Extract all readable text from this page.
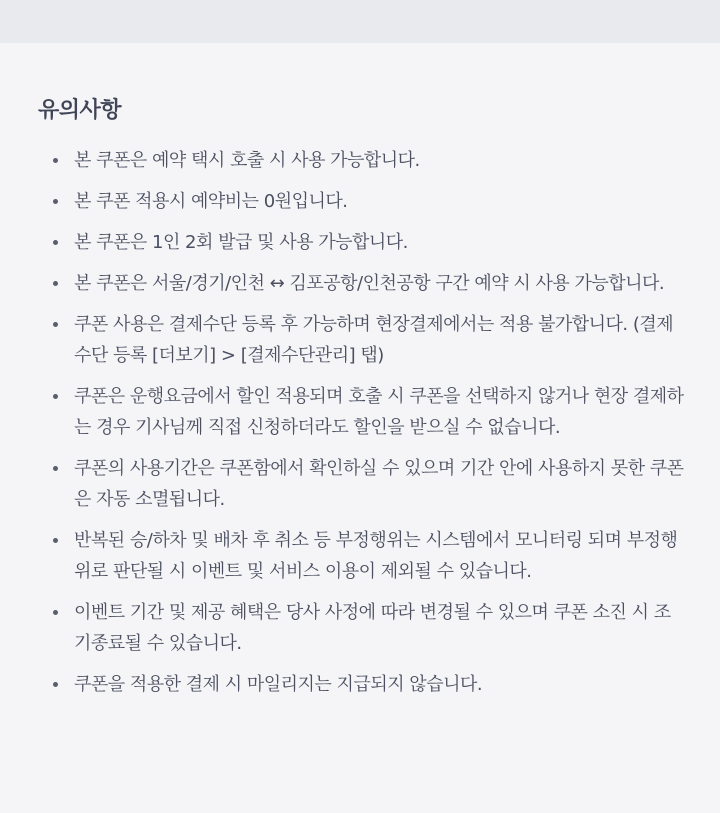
유의사항
본 쿠폰은 예약 택시 호출 시 사용 가능합니다.
본 쿠폰 적용시 예약비는 0원입니다.
본 쿠폰은 1인 2회 발급 및 사용 가능합니다.
본 쿠폰은 서울/경기/인천 ↔ 김포공항/인천공항 구간 예약 시 사용 가능합니다.
쿠폰 사용은 결제수단 등록 후 가능하며 현장결제에서는 적용 불가합니다. (결제수단 등록 [더보기] > [결제수단관리] 탭)
쿠폰은 운행요금에서 할인 적용되며 호출 시 쿠폰을 선택하지 않거나 현장 결제하는 경우 기사님께 직접 신청하더라도 할인을 받으실 수 없습니다.
쿠폰의 사용기간은 쿠폰함에서 확인하실 수 있으며 기간 안에 사용하지 못한 쿠폰은 자동 소멸됩니다.
반복된 승/하차 및 배차 후 취소 등 부정행위는 시스템에서 모니터링 되며 부정행위로 판단될 시 이벤트 및 서비스 이용이 제외될 수 있습니다.
이벤트 기간 및 제공 혜택은 당사 사정에 따라 변경될 수 있으며 쿠폰 소진 시 조기종료될 수 있습니다.
쿠폰을 적용한 결제 시 마일리지는 지급되지 않습니다.
